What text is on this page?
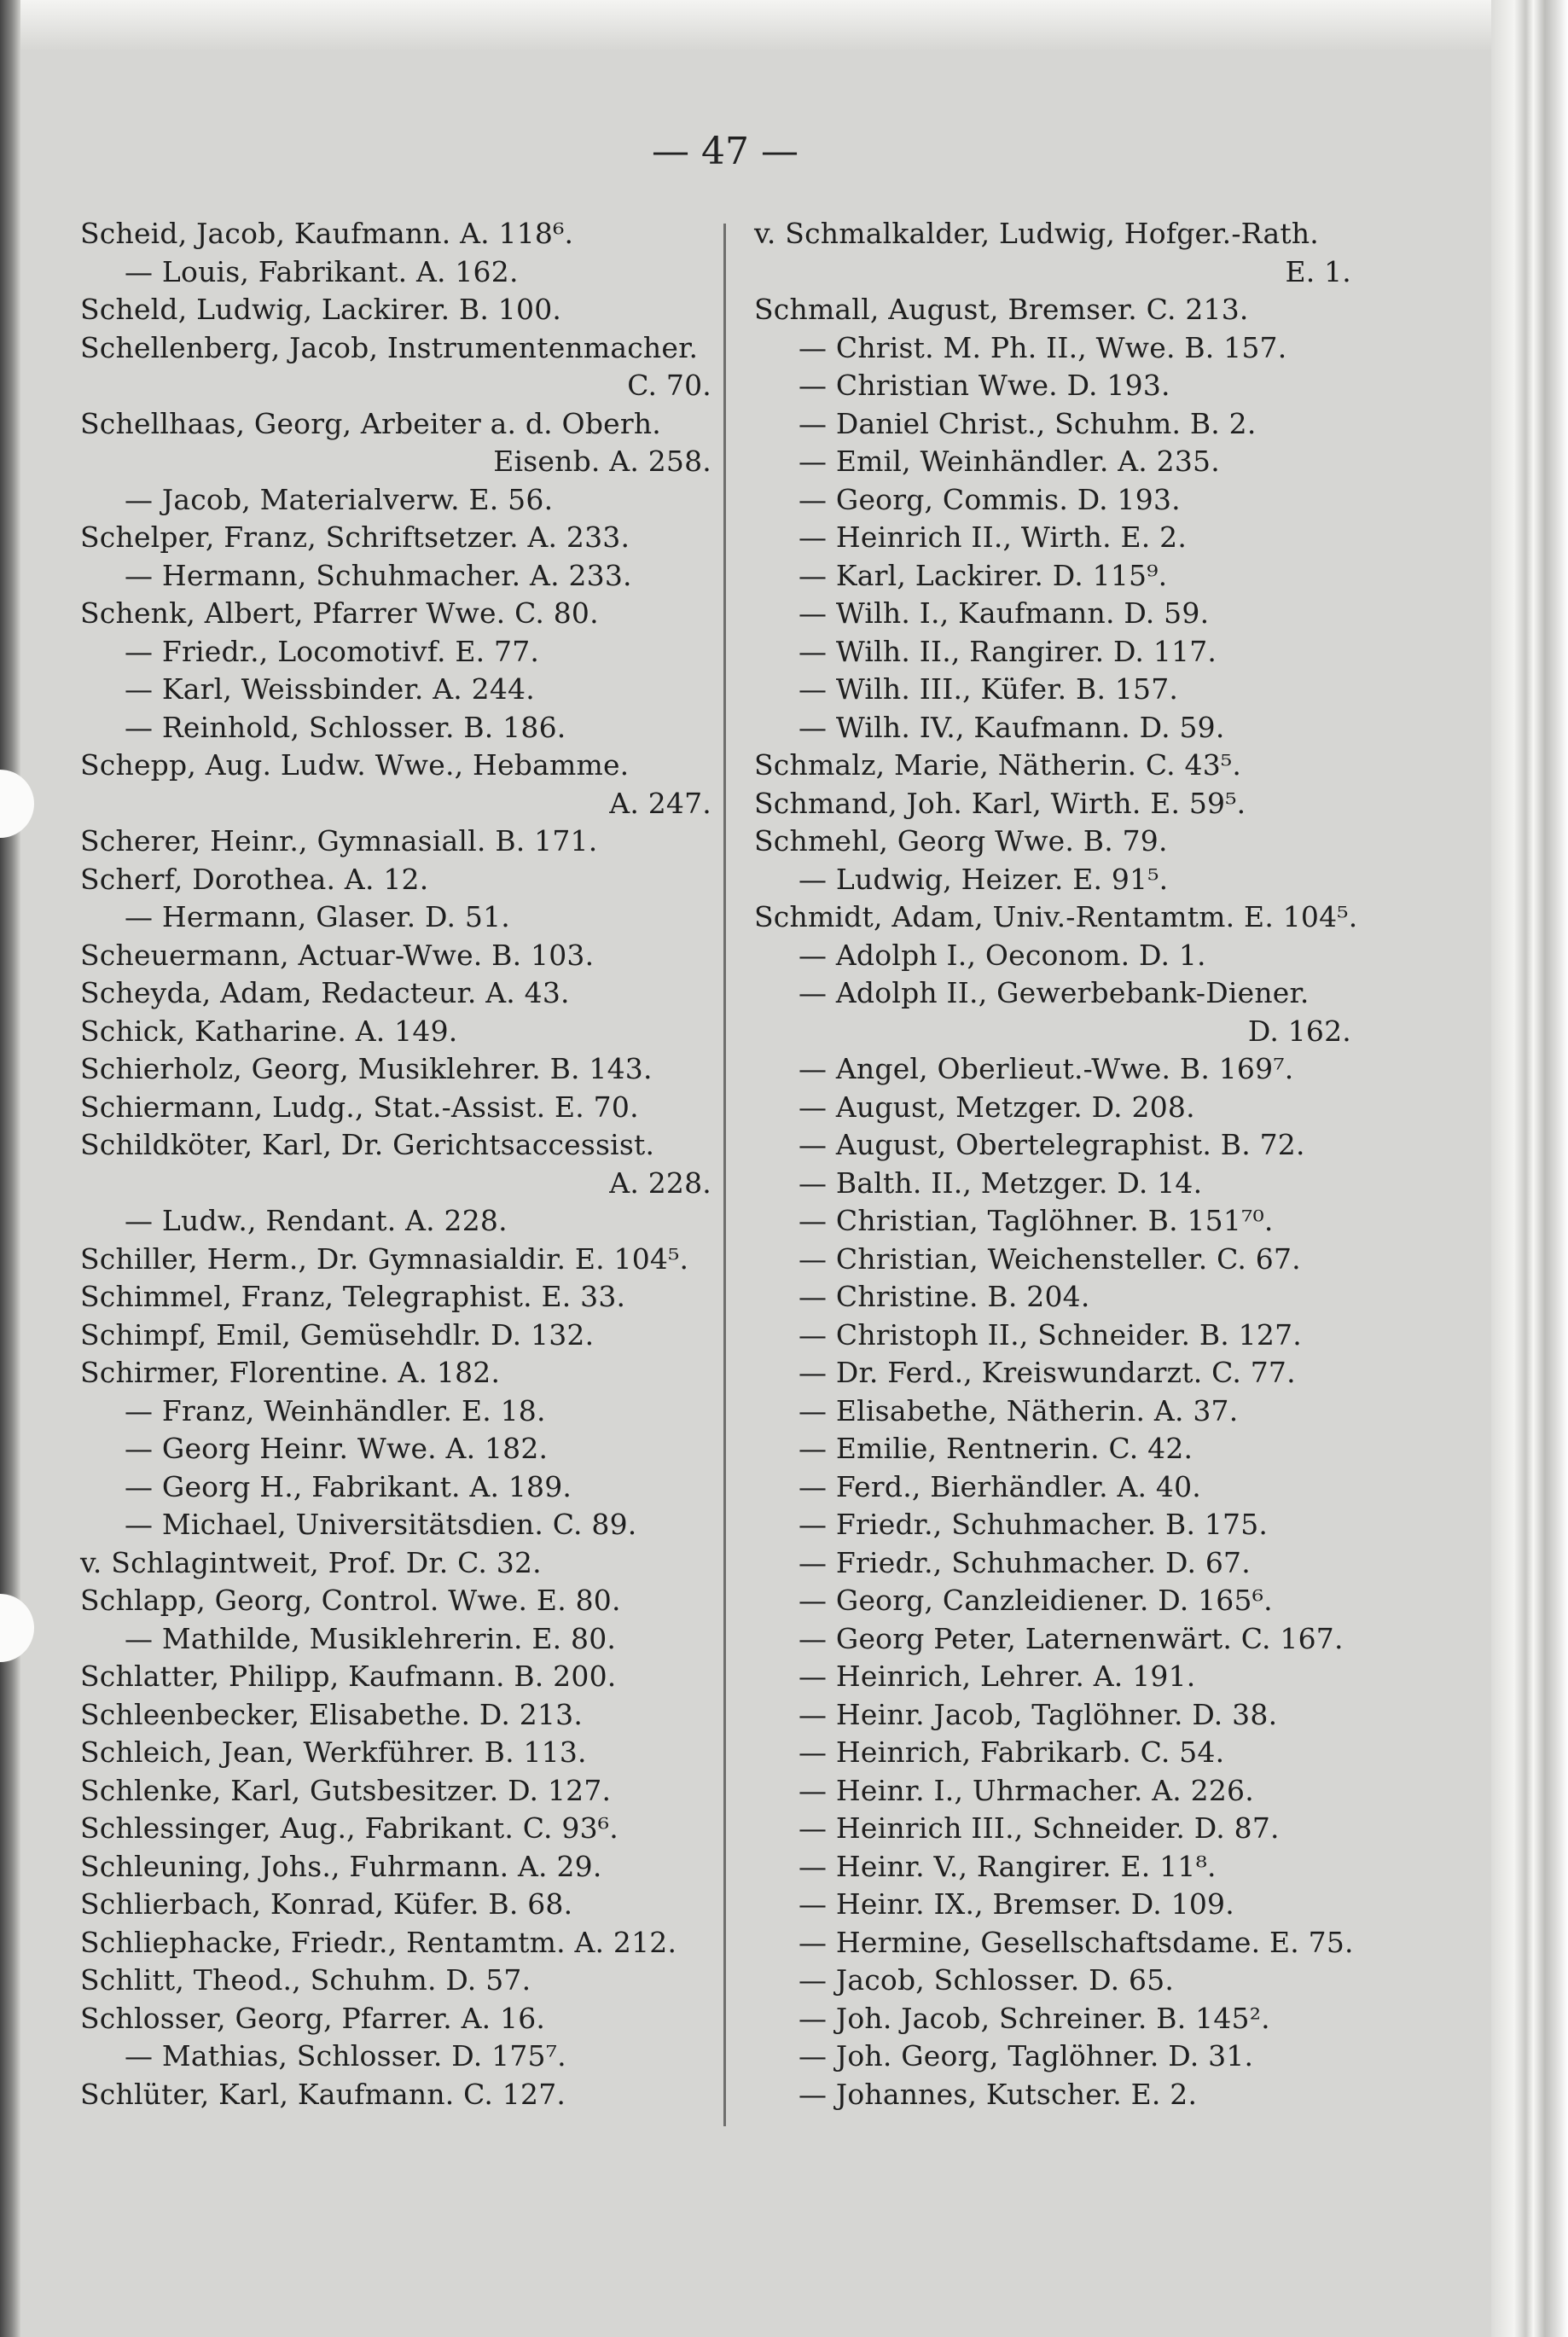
— 47 —
Scheid, Jacob, Kaufmann. A. 118⁶.
— Louis, Fabrikant. A. 162.
Scheld, Ludwig, Lackirer. B. 100.
Schellenberg, Jacob, Instrumentenmacher.
C. 70.
Schellhaas, Georg, Arbeiter a. d. Oberh.
Eisenb. A. 258.
— Jacob, Materialverw. E. 56.
Schelper, Franz, Schriftsetzer. A. 233.
— Hermann, Schuhmacher. A. 233.
Schenk, Albert, Pfarrer Wwe. C. 80.
— Friedr., Locomotivf. E. 77.
— Karl, Weissbinder. A. 244.
— Reinhold, Schlosser. B. 186.
Schepp, Aug. Ludw. Wwe., Hebamme.
A. 247.
Scherer, Heinr., Gymnasiall. B. 171.
Scherf, Dorothea. A. 12.
— Hermann, Glaser. D. 51.
Scheuermann, Actuar-Wwe. B. 103.
Scheyda, Adam, Redacteur. A. 43.
Schick, Katharine. A. 149.
Schierholz, Georg, Musiklehrer. B. 143.
Schiermann, Ludg., Stat.-Assist. E. 70.
Schildköter, Karl, Dr. Gerichtsaccessist.
A. 228.
— Ludw., Rendant. A. 228.
Schiller, Herm., Dr. Gymnasialdir. E. 104⁵.
Schimmel, Franz, Telegraphist. E. 33.
Schimpf, Emil, Gemüsehdlr. D. 132.
Schirmer, Florentine. A. 182.
— Franz, Weinhändler. E. 18.
— Georg Heinr. Wwe. A. 182.
— Georg H., Fabrikant. A. 189.
— Michael, Universitätsdien. C. 89.
v. Schlagintweit, Prof. Dr. C. 32.
Schlapp, Georg, Control. Wwe. E. 80.
— Mathilde, Musiklehrerin. E. 80.
Schlatter, Philipp, Kaufmann. B. 200.
Schleenbecker, Elisabethe. D. 213.
Schleich, Jean, Werkführer. B. 113.
Schlenke, Karl, Gutsbesitzer. D. 127.
Schlessinger, Aug., Fabrikant. C. 93⁶.
Schleuning, Johs., Fuhrmann. A. 29.
Schlierbach, Konrad, Küfer. B. 68.
Schliephacke, Friedr., Rentamtm. A. 212.
Schlitt, Theod., Schuhm. D. 57.
Schlosser, Georg, Pfarrer. A. 16.
— Mathias, Schlosser. D. 175⁷.
Schlüter, Karl, Kaufmann. C. 127.
v. Schmalkalder, Ludwig, Hofger.-Rath.
E. 1.
Schmall, August, Bremser. C. 213.
— Christ. M. Ph. II., Wwe. B. 157.
— Christian Wwe. D. 193.
— Daniel Christ., Schuhm. B. 2.
— Emil, Weinhändler. A. 235.
— Georg, Commis. D. 193.
— Heinrich II., Wirth. E. 2.
— Karl, Lackirer. D. 115⁹.
— Wilh. I., Kaufmann. D. 59.
— Wilh. II., Rangirer. D. 117.
— Wilh. III., Küfer. B. 157.
— Wilh. IV., Kaufmann. D. 59.
Schmalz, Marie, Nätherin. C. 43⁵.
Schmand, Joh. Karl, Wirth. E. 59⁵.
Schmehl, Georg Wwe. B. 79.
— Ludwig, Heizer. E. 91⁵.
Schmidt, Adam, Univ.-Rentamtm. E. 104⁵.
— Adolph I., Oeconom. D. 1.
— Adolph II., Gewerbebank-Diener.
D. 162.
— Angel, Oberlieut.-Wwe. B. 169⁷.
— August, Metzger. D. 208.
— August, Obertelegraphist. B. 72.
— Balth. II., Metzger. D. 14.
— Christian, Taglöhner. B. 151⁷⁰.
— Christian, Weichensteller. C. 67.
— Christine. B. 204.
— Christoph II., Schneider. B. 127.
— Dr. Ferd., Kreiswundarzt. C. 77.
— Elisabethe, Nätherin. A. 37.
— Emilie, Rentnerin. C. 42.
— Ferd., Bierhändler. A. 40.
— Friedr., Schuhmacher. B. 175.
— Friedr., Schuhmacher. D. 67.
— Georg, Canzleidiener. D. 165⁶.
— Georg Peter, Laternenwärt. C. 167.
— Heinrich, Lehrer. A. 191.
— Heinr. Jacob, Taglöhner. D. 38.
— Heinrich, Fabrikarb. C. 54.
— Heinr. I., Uhrmacher. A. 226.
— Heinrich III., Schneider. D. 87.
— Heinr. V., Rangirer. E. 11⁸.
— Heinr. IX., Bremser. D. 109.
— Hermine, Gesellschaftsdame. E. 75.
— Jacob, Schlosser. D. 65.
— Joh. Jacob, Schreiner. B. 145².
— Joh. Georg, Taglöhner. D. 31.
— Johannes, Kutscher. E. 2.
